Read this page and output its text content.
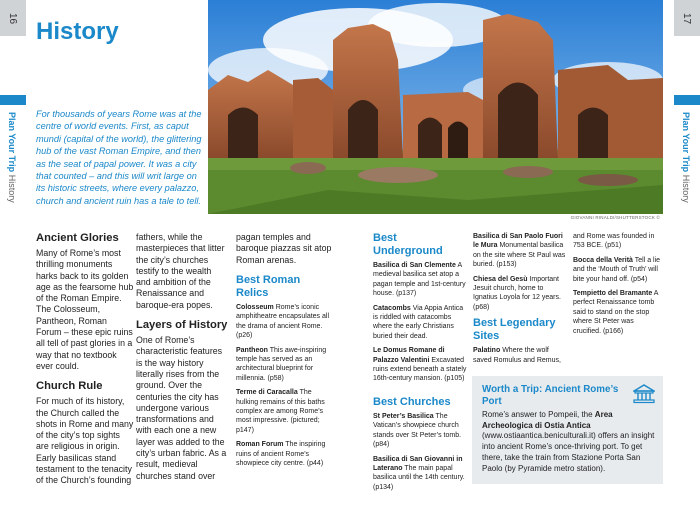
16
Plan Your Trip History
17
Plan Your Trip History
History
For thousands of years Rome was at the centre of world events. First, as caput mundi (capital of the world), the glittering hub of the vast Roman Empire, and then as the seat of papal power. It was a city that counted – and this will writ large on its historic streets, where every palazzo, church and ancient ruin has a tale to tell.
GIOVANNI RINALDI/SHUTTERSTOCK ©
Ancient Glories
Many of Rome’s most thrilling monuments harks back to its golden age as the fearsome hub of the Roman Empire. The Colosseum, Pantheon, Roman Forum – these epic ruins all tell of past glories in a way that no textbook ever could.
Church Rule
For much of its history, the Church called the shots in Rome and many of the city’s top sights are religious in origin. Early basilicas stand testament to the tenacity of the Church’s founding
fathers, while the masterpieces that litter the city’s churches testify to the wealth and ambition of the Renaissance and baroque-era popes.
Layers of History
One of Rome’s characteristic features is the way history literally rises from the ground. Over the centuries the city has undergone various transformations and with each one a new layer was added to the city’s urban fabric. As a result, medieval churches stand over
pagan temples and baroque piazzas sit atop Roman arenas.
Best Roman Relics
Colosseum Rome’s iconic amphitheatre encapsulates all the drama of ancient Rome. (p26)
Pantheon This awe-inspiring temple has served as an architectural blueprint for millennia. (p58)
Terme di Caracalla The hulking remains of this baths complex are among Rome’s most impressive. (pictured; p147)
Roman Forum The inspiring ruins of ancient Rome’s showpiece city centre. (p44)
Best Underground
Basilica di San Clemente A medieval basilica set atop a pagan temple and 1st-century house. (p137)
Catacombs Via Appia Antica is riddled with catacombs where the early Christians buried their dead.
Le Domus Romane di Palazzo Valentini Excavated ruins extend beneath a stately 16th-century mansion. (p105)
Best Churches
St Peter’s Basilica The Vatican’s showpiece church stands over St Peter’s tomb. (p84)
Basilica di San Giovanni in Laterano The main papal basilica until the 14th century. (p134)
Basilica di San Paolo Fuori le Mura Monumental basilica on the site where St Paul was buried. (p153)
Chiesa del Gesù Important Jesuit church, home to Ignatius Loyola for 12 years. (p68)
Best Legendary Sites
Palatino Where the wolf saved Romulus and Remus,
and Rome was founded in 753 BCE. (p51)
Bocca della Verità Tell a lie and the ‘Mouth of Truth’ will bite your hand off. (p54)
Tempietto del Bramante A perfect Renaissance tomb said to stand on the stop where St Peter was crucified. (p166)
Worth a Trip: Ancient Rome’s Port
Rome’s answer to Pompeii, the Area Archeologica di Ostia Antica (www.ostiaantica.beniculturali.it) offers an insight into ancient Rome’s once-thriving port. To get there, take the train from Stazione Porta San Paolo (by Pyramide metro station).
